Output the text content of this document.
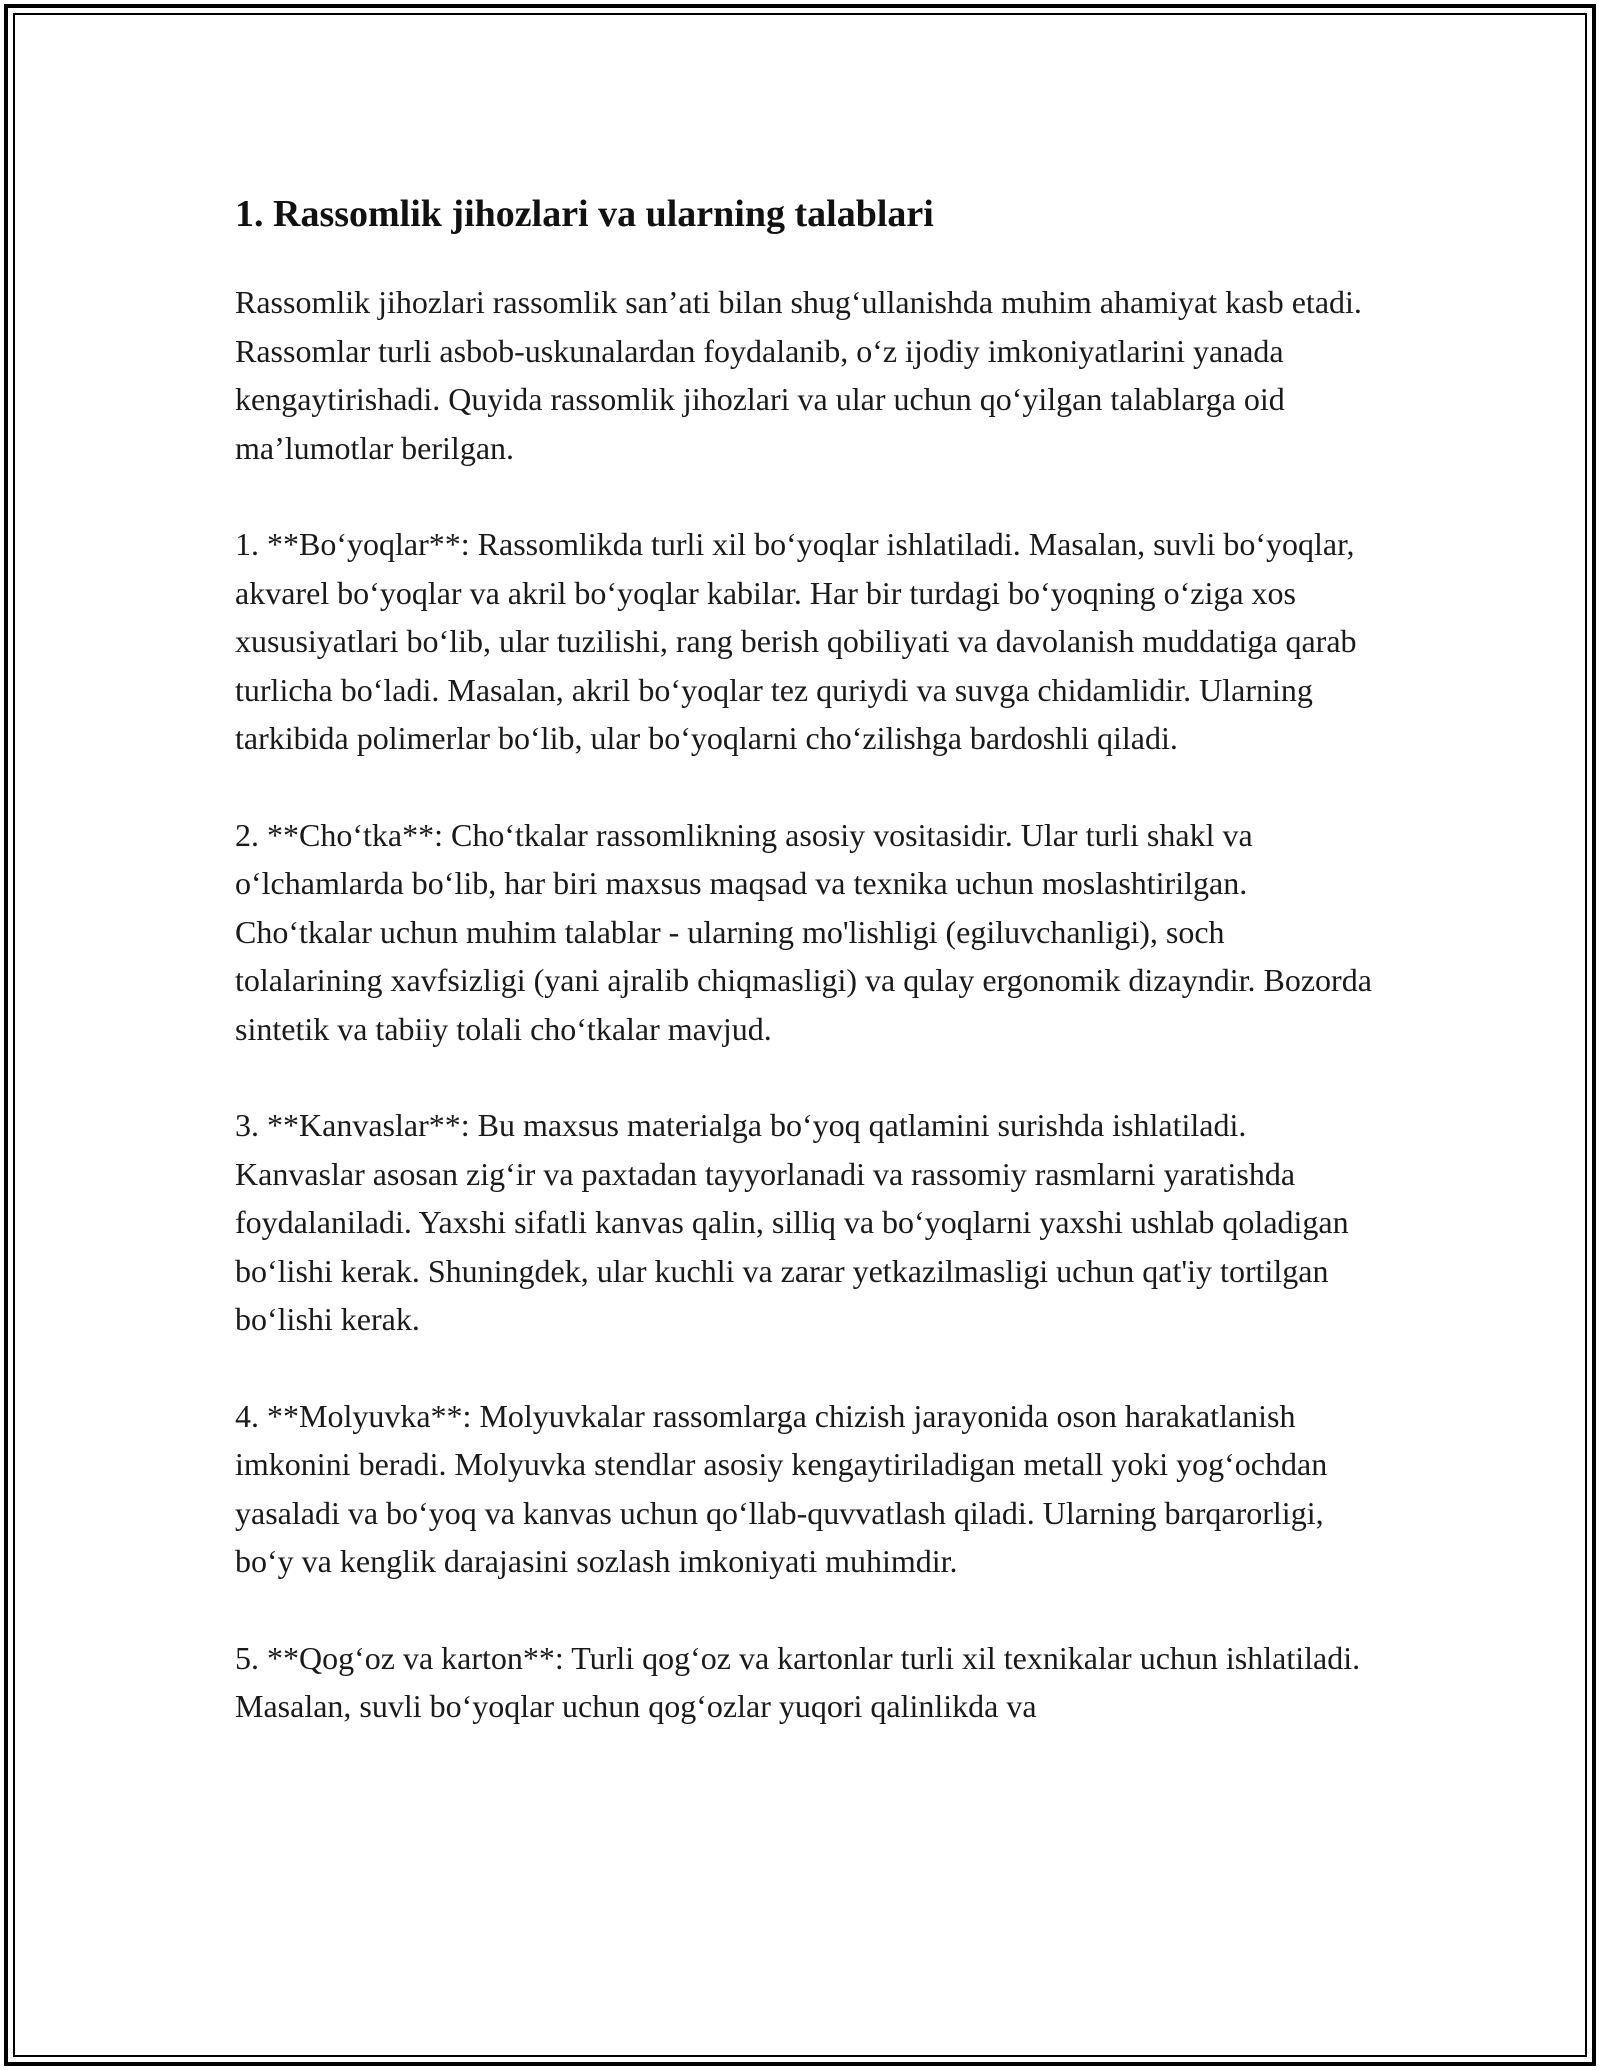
1. Rassomlik jihozlari va ularning talablari

Rassomlik jihozlari rassomlik san’ati bilan shug‘ullanishda muhim ahamiyat kasb etadi. Rassomlar turli asbob-uskunalardan foydalanib, o‘z ijodiy imkoniyatlarini yanada kengaytirishadi. Quyida rassomlik jihozlari va ular uchun qo‘yilgan talablarga oid ma’lumotlar berilgan.

1. **Bo‘yoqlar**: Rassomlikda turli xil bo‘yoqlar ishlatiladi. Masalan, suvli bo‘yoqlar, akvarel bo‘yoqlar va akril bo‘yoqlar kabilar. Har bir turdagi bo‘yoqning o‘ziga xos xususiyatlari bo‘lib, ular tuzilishi, rang berish qobiliyati va davolanish muddatiga qarab turlicha bo‘ladi. Masalan, akril bo‘yoqlar tez quriydi va suvga chidamlidir. Ularning tarkibida polimerlar bo‘lib, ular bo‘yoqlarni cho‘zilishga bardoshli qiladi.

2. **Cho‘tka**: Cho‘tkalar rassomlikning asosiy vositasidir. Ular turli shakl va o‘lchamlarda bo‘lib, har biri maxsus maqsad va texnika uchun moslashtirilgan. Cho‘tkalar uchun muhim talablar - ularning mo'lishligi (egiluvchanligi), soch tolalarining xavfsizligi (yani ajralib chiqmasligi) va qulay ergonomik dizayndir. Bozorda sintetik va tabiiy tolali cho‘tkalar mavjud.

3. **Kanvaslar**: Bu maxsus materialga bo‘yoq qatlamini surishda ishlatiladi. Kanvaslar asosan zig‘ir va paxtadan tayyorlanadi va rassomiy rasmlarni yaratishda foydalaniladi. Yaxshi sifatli kanvas qalin, silliq va bo‘yoqlarni yaxshi ushlab qoladigan bo‘lishi kerak. Shuningdek, ular kuchli va zarar yetkazilmasligi uchun qat'iy tortilgan bo‘lishi kerak.

4. **Molyuvka**: Molyuvkalar rassomlarga chizish jarayonida oson harakatlanish imkonini beradi. Molyuvka stendlar asosiy kengaytiriladigan metall yoki yog‘ochdan yasaladi va bo‘yoq va kanvas uchun qo‘llab-quvvatlash qiladi. Ularning barqarorligi, bo‘y va kenglik darajasini sozlash imkoniyati muhimdir.

5. **Qog‘oz va karton**: Turli qog‘oz va kartonlar turli xil texnikalar uchun ishlatiladi. Masalan, suvli bo‘yoqlar uchun qog‘ozlar yuqori qalinlikda va
